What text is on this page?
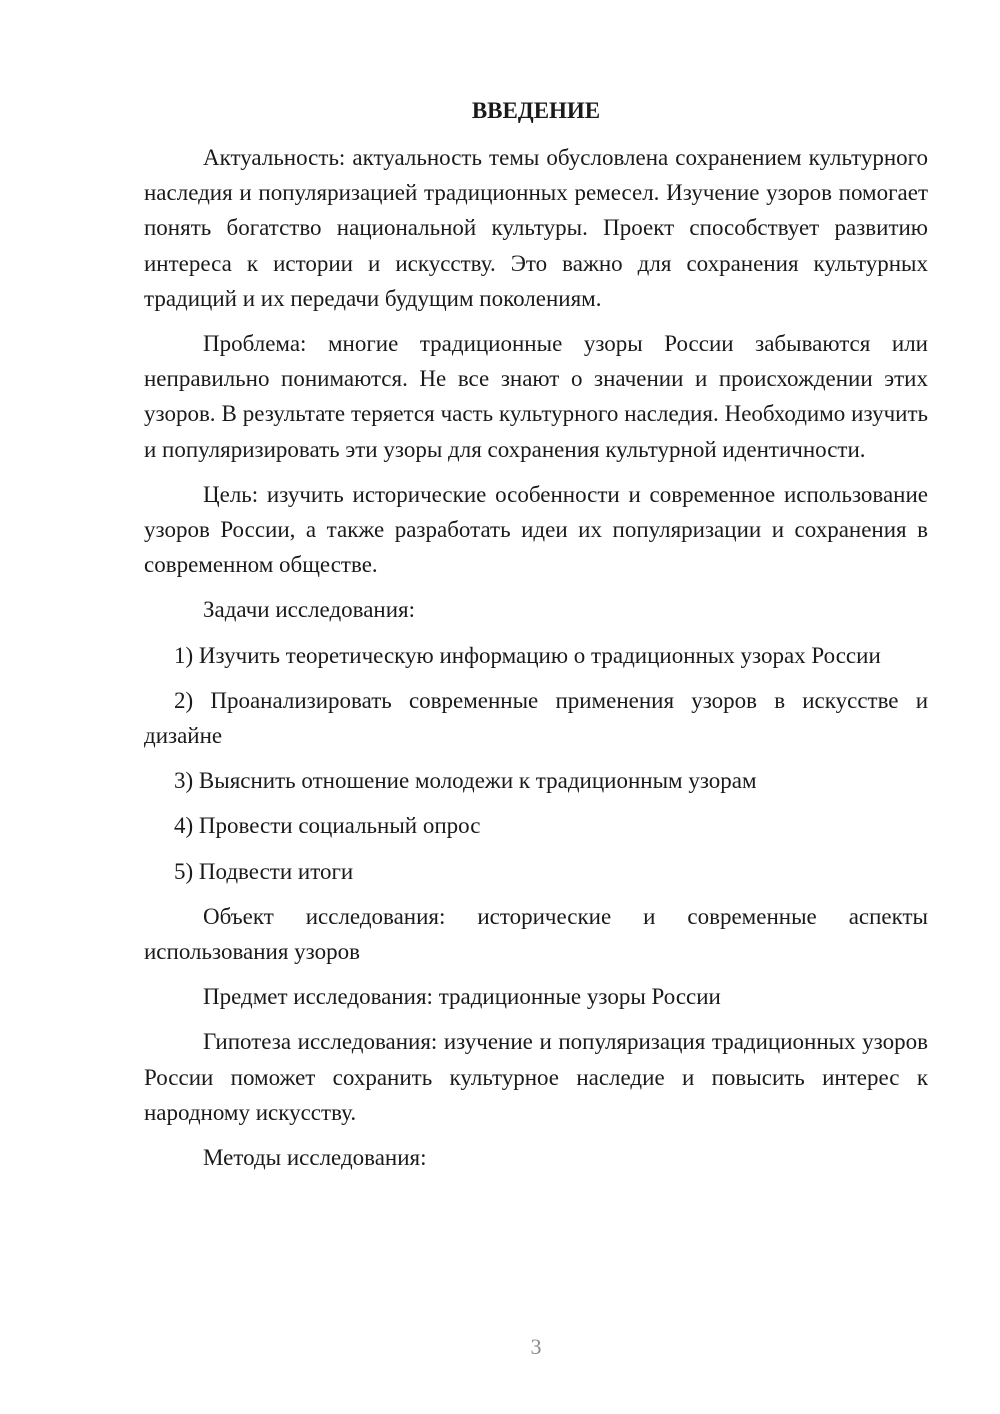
ВВЕДЕНИЕ

Актуальность: актуальность темы обусловлена сохранением культурного наследия и популяризацией традиционных ремесел. Изучение узоров помогает понять богатство национальной культуры. Проект способствует развитию интереса к истории и искусству. Это важно для сохранения культурных традиций и их передачи будущим поколениям.

Проблема: многие традиционные узоры России забываются или неправильно понимаются. Не все знают о значении и происхождении этих узоров. В результате теряется часть культурного наследия. Необходимо изучить и популяризировать эти узоры для сохранения культурной идентичности.

Цель: изучить исторические особенности и современное использование узоров России, а также разработать идеи их популяризации и сохранения в современном обществе.

Задачи исследования:

1) Изучить теоретическую информацию о традиционных узорах России

2) Проанализировать современные применения узоров в искусстве и дизайне

3) Выяснить отношение молодежи к традиционным узорам

4) Провести социальный опрос

5) Подвести итоги

Объект исследования: исторические и современные аспекты использования узоров

Предмет исследования: традиционные узоры России

Гипотеза исследования: изучение и популяризация традиционных узоров России поможет сохранить культурное наследие и повысить интерес к народному искусству.

Методы исследования:

3
